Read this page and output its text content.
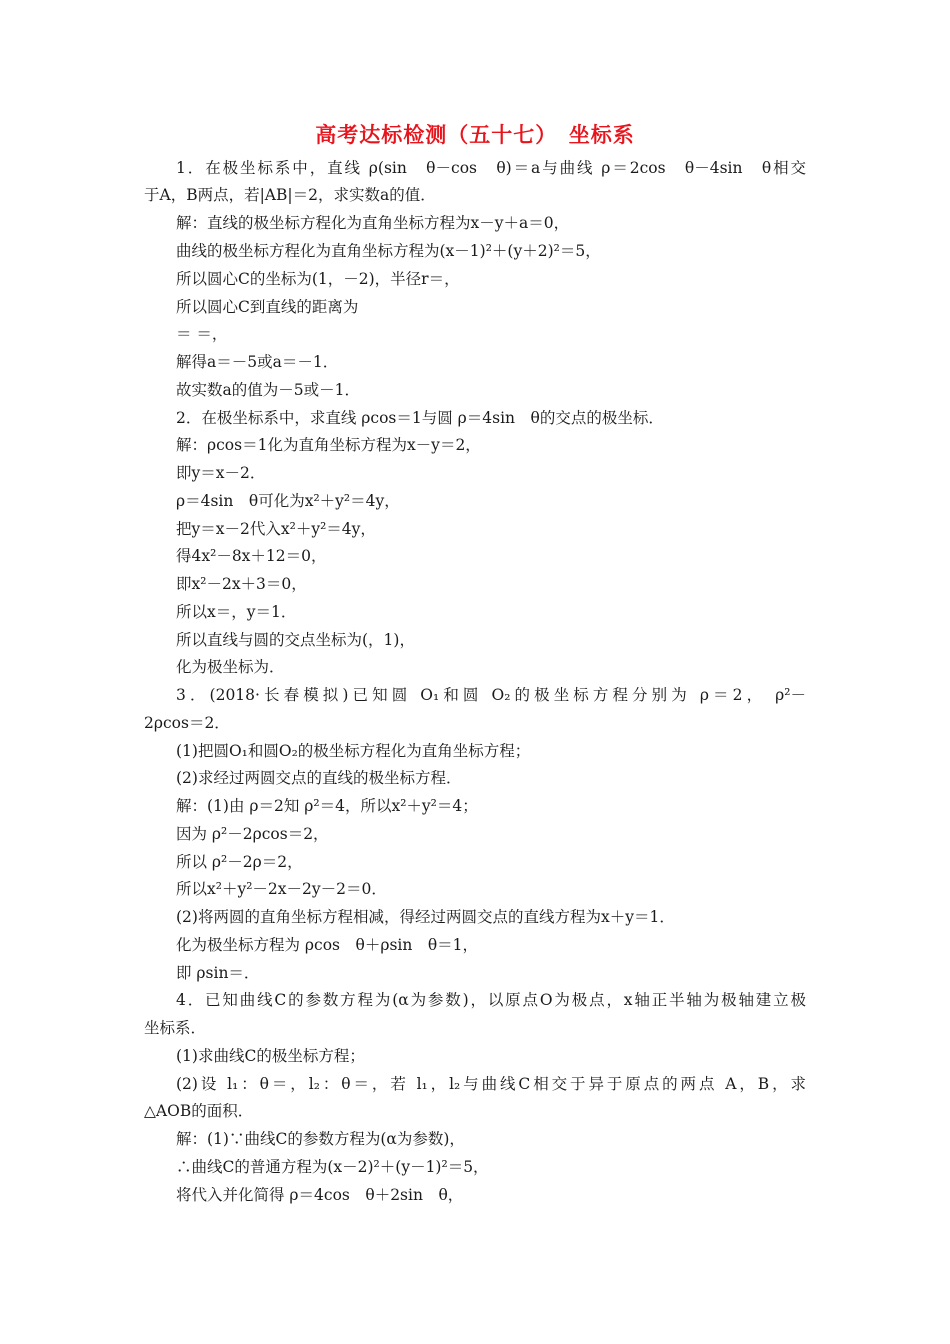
高考达标检测（五十七）　坐标系
1．在极坐标系中，直线 ρ(sin　θ－cos　θ)＝a与曲线 ρ＝2cos　θ－4sin　θ相交
于A，B两点，若|AB|＝2，求实数a的值．
解：直线的极坐标方程化为直角坐标方程为x－y＋a＝0，
曲线的极坐标方程化为直角坐标方程为(x－1)²＋(y＋2)²＝5，
所以圆心C的坐标为(1，－2)，半径r＝，
所以圆心C到直线的距离为
＝ ＝，
解得a＝－5或a＝－1．
故实数a的值为－5或－1．
2．在极坐标系中，求直线 ρcos＝1与圆 ρ＝4sin　θ的交点的极坐标．
解：ρcos＝1化为直角坐标方程为x－y＝2，
即y＝x－2．
ρ＝4sin　θ可化为x²＋y²＝4y，
把y＝x－2代入x²＋y²＝4y，
得4x²－8x＋12＝0，
即x²－2x＋3＝0，
所以x＝，y＝1．
所以直线与圆的交点坐标为(，1)，
化为极坐标为．
3．(2018·长春模拟)已知圆 O₁和圆 O₂的极坐标方程分别为 ρ＝2， ρ²－
2ρcos＝2．
(1)把圆O₁和圆O₂的极坐标方程化为直角坐标方程；
(2)求经过两圆交点的直线的极坐标方程．
解：(1)由 ρ＝2知 ρ²＝4，所以x²＋y²＝4；
因为 ρ²－2ρcos＝2，
所以 ρ²－2ρ＝2，
所以x²＋y²－2x－2y－2＝0．
(2)将两圆的直角坐标方程相减，得经过两圆交点的直线方程为x＋y＝1．
化为极坐标方程为 ρcos　θ＋ρsin　θ＝1，
即 ρsin＝．
4．已知曲线C的参数方程为(α为参数)，以原点O为极点，x轴正半轴为极轴建立极
坐标系．
(1)求曲线C的极坐标方程；
(2)设 l₁：θ＝，l₂：θ＝，若 l₁，l₂与曲线C相交于异于原点的两点 A，B，求
△AOB的面积．
解：(1)∵曲线C的参数方程为(α为参数)，
∴曲线C的普通方程为(x－2)²＋(y－1)²＝5，
将代入并化简得 ρ＝4cos　θ＋2sin　θ，
